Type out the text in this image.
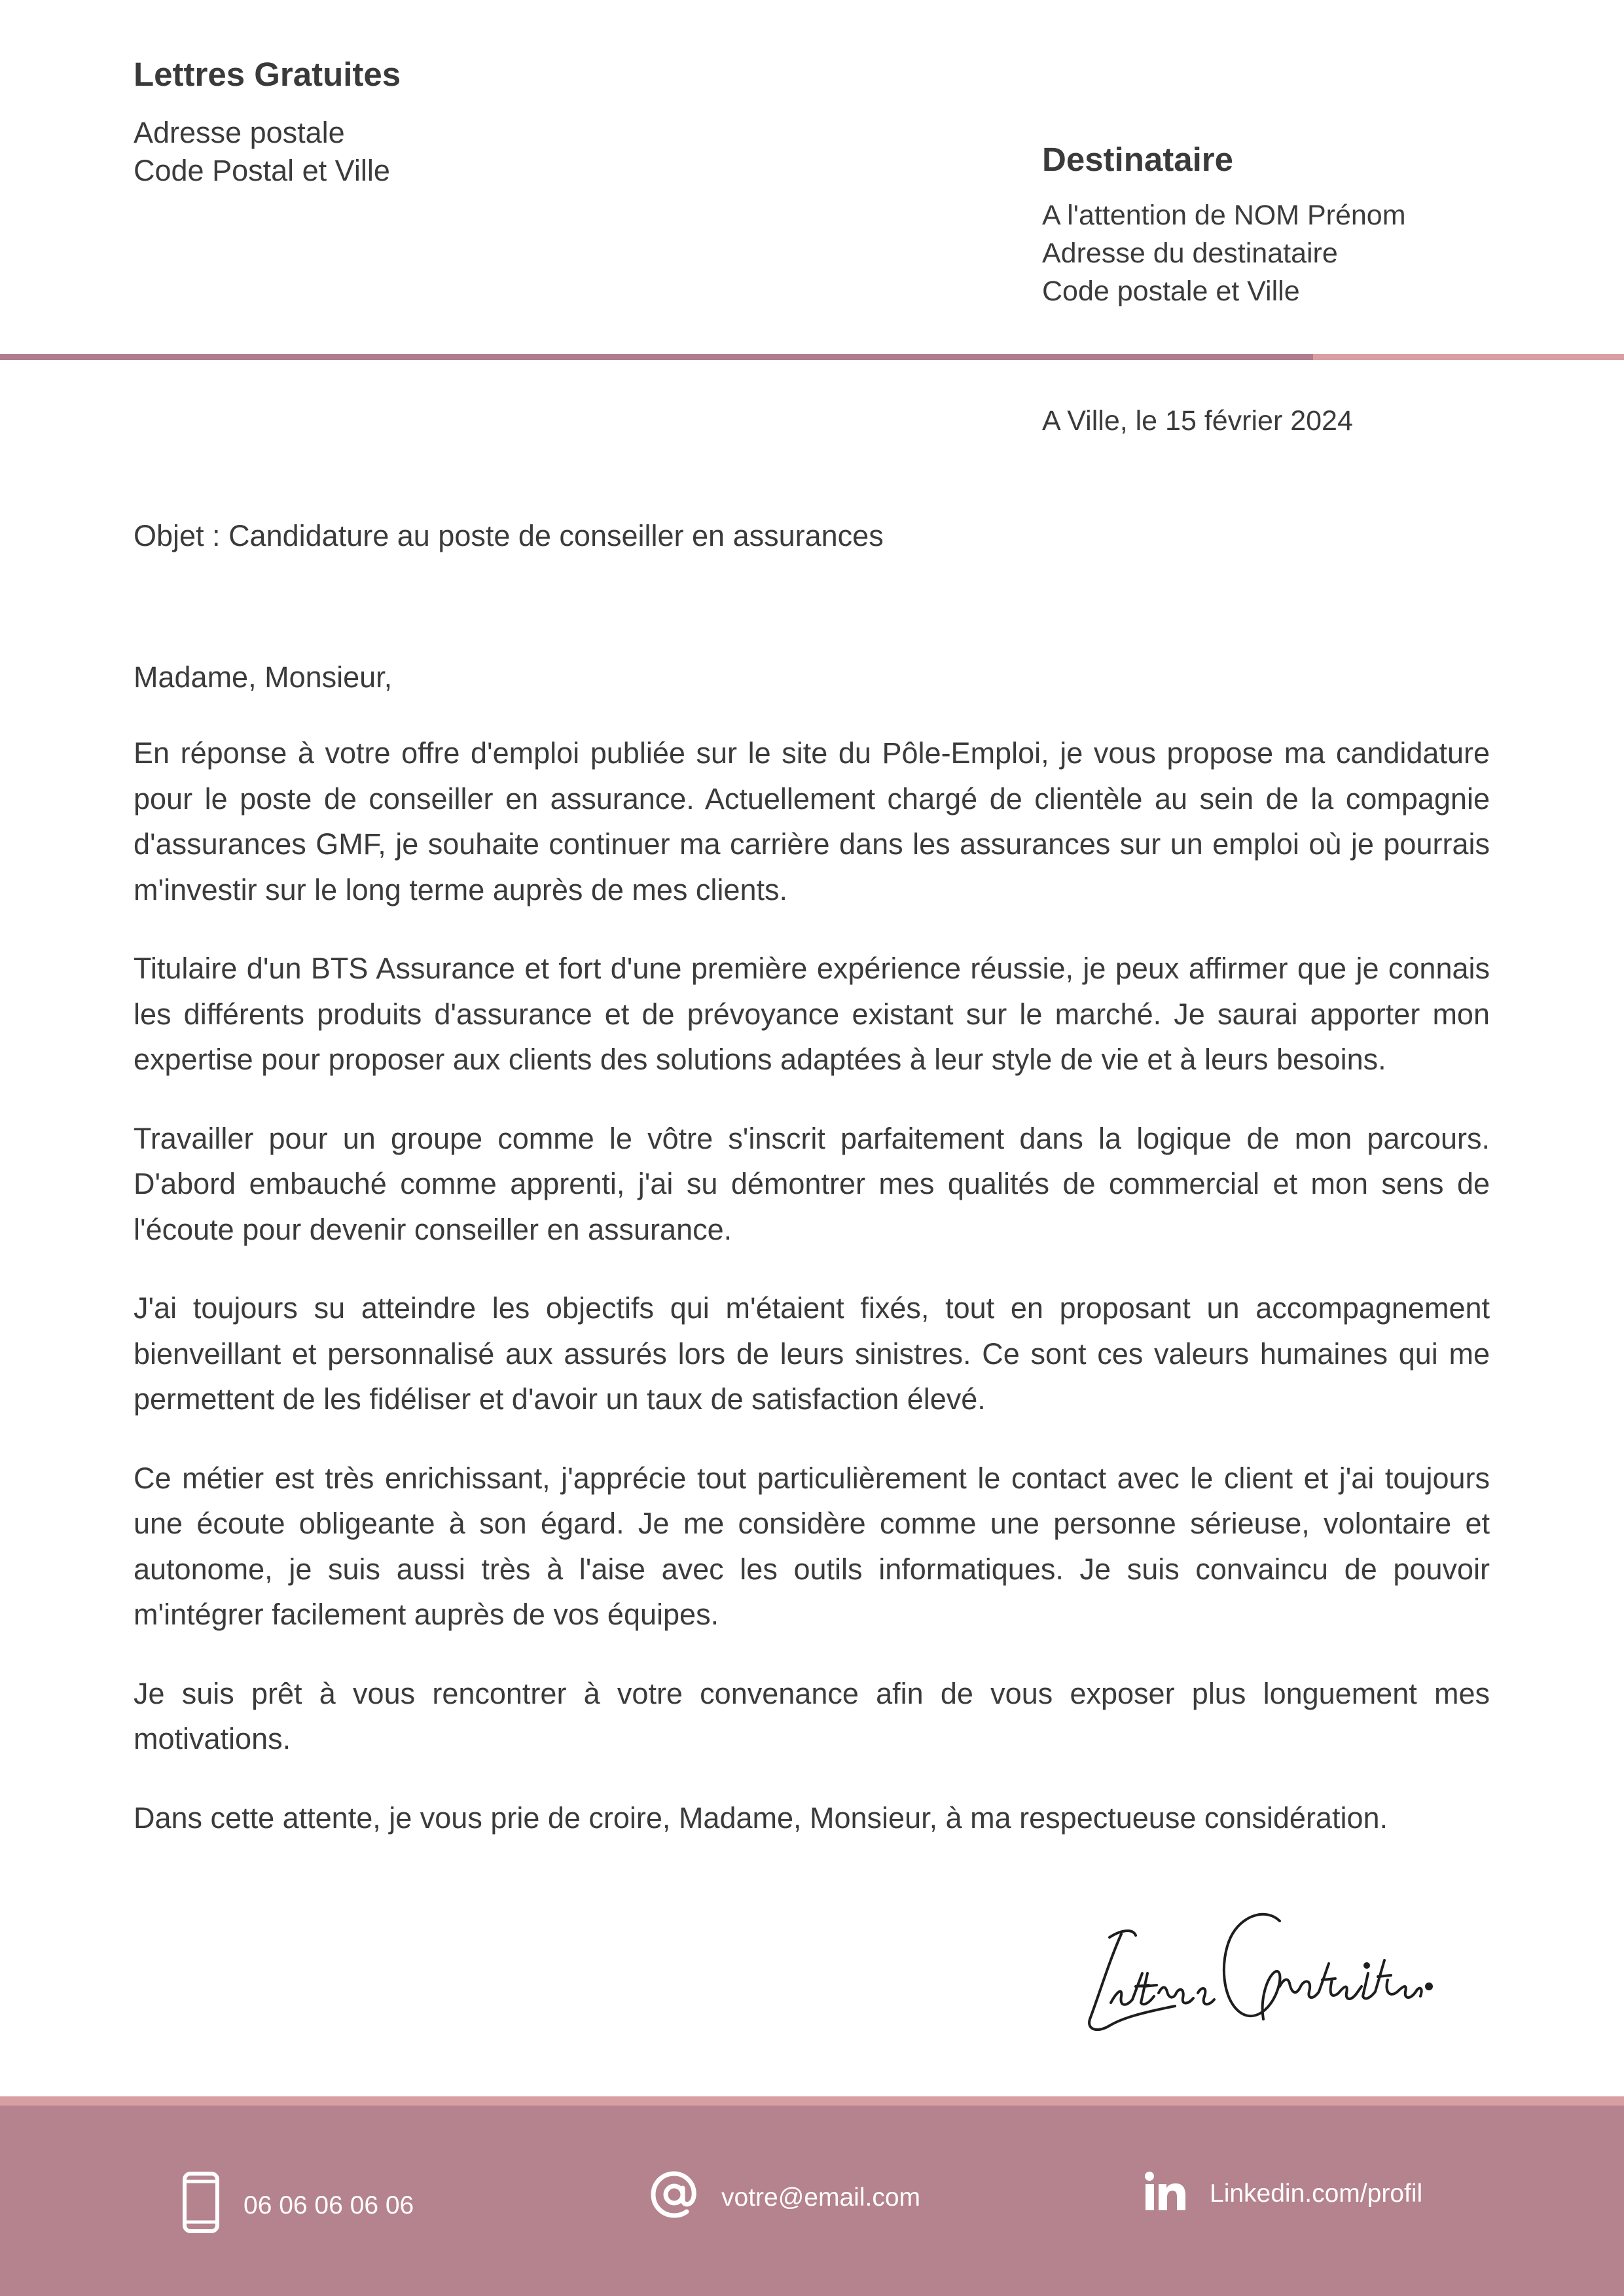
Lettres Gratuites
Adresse postale
Code Postal et Ville	Destinataire
A l'attention de NOM Prénom
Adresse du destinataire
Code postale et Ville
A Ville, le 15 février 2024
Objet : Candidature au poste de conseiller en assurances

Madame, Monsieur,

En réponse à votre offre d'emploi publiée sur le site du Pôle-Emploi, je vous propose ma candidature pour le poste de conseiller en assurance. Actuellement chargé de clientèle au sein de la compagnie d'assurances GMF, je souhaite continuer ma carrière dans les assurances sur un emploi où je pourrais m'investir sur le long terme auprès de mes clients.

Titulaire d'un BTS Assurance et fort d'une première expérience réussie, je peux affirmer que je connais les différents produits d'assurance et de prévoyance existant sur le marché. Je saurai apporter mon expertise pour proposer aux clients des solutions adaptées à leur style de vie et à leurs besoins.

Travailler pour un groupe comme le vôtre s'inscrit parfaitement dans la logique de mon parcours. D'abord embauché comme apprenti, j'ai su démontrer mes qualités de commercial et mon sens de l'écoute pour devenir conseiller en assurance.

J'ai toujours su atteindre les objectifs qui m'étaient fixés, tout en proposant un accompagnement bienveillant et personnalisé aux assurés lors de leurs sinistres. Ce sont ces valeurs humaines qui me permettent de les fidéliser et d'avoir un taux de satisfaction élevé.

Ce métier est très enrichissant, j'apprécie tout particulièrement le contact avec le client et j'ai toujours une écoute obligeante à son égard. Je me considère comme une personne sérieuse, volontaire et autonome, je suis aussi très à l'aise avec les outils informatiques. Je suis convaincu de pouvoir m'intégrer facilement auprès de vos équipes.

Je suis prêt à vous rencontrer à votre convenance afin de vous exposer plus longuement mes motivations.

Dans cette attente, je vous prie de croire, Madame, Monsieur, à ma respectueuse considération.

06 06 06 06 06	votre@email.com	Linkedin.com/profil
